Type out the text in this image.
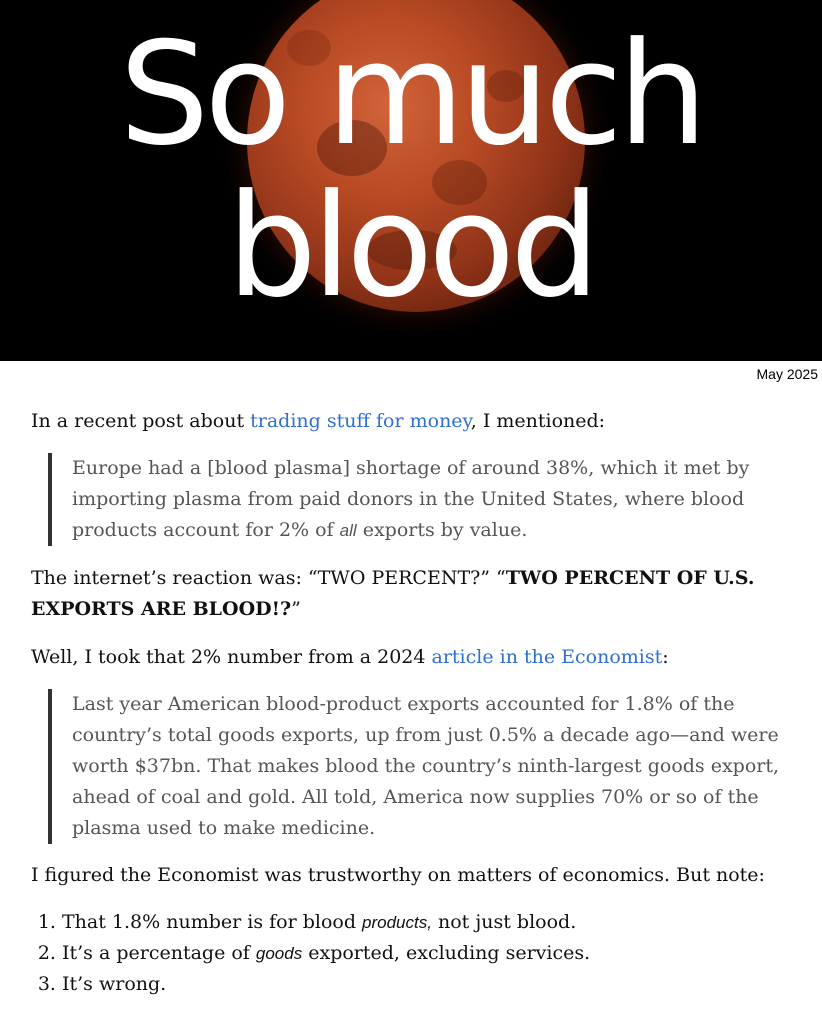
So much
blood
May 2025

In a recent post about trading stuff for money, I mentioned:

Europe had a [blood plasma] shortage of around 38%, which it met by importing plasma from paid donors in the United States, where blood products account for 2% of all exports by value.

The internet’s reaction was: “TWO PERCENT?” “TWO PERCENT OF U.S. EXPORTS ARE BLOOD!?”

Well, I took that 2% number from a 2024 article in the Economist:

Last year American blood-product exports accounted for 1.8% of the country’s total goods exports, up from just 0.5% a decade ago—and were worth $37bn. That makes blood the country’s ninth-largest goods export, ahead of coal and gold. All told, America now supplies 70% or so of the plasma used to make medicine.

I figured the Economist was trustworthy on matters of economics. But note:

1. That 1.8% number is for blood products, not just blood.
2. It’s a percentage of goods exported, excluding services.
3. It’s wrong.
